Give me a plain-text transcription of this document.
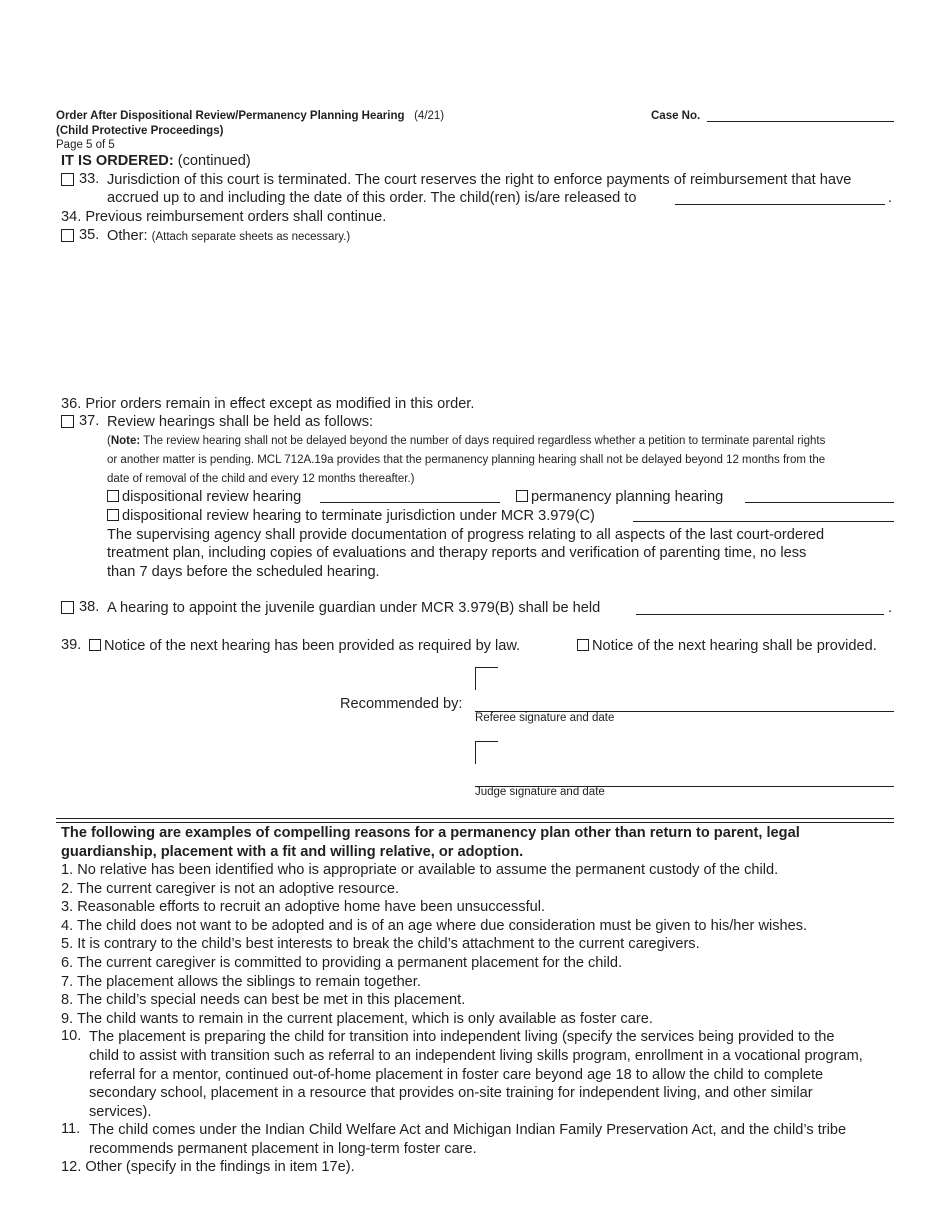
Order After Dispositional Review/Permanency Planning Hearing (4/21)
(Child Protective Proceedings)
Page 5 of 5
Case No.
IT IS ORDERED: (continued)
33. Jurisdiction of this court is terminated. The court reserves the right to enforce payments of reimbursement that have
accrued up to and including the date of this order. The child(ren) is/are released to	.
34. Previous reimbursement orders shall continue.
35. Other: (Attach separate sheets as necessary.)
36. Prior orders remain in effect except as modified in this order.
37. Review hearings shall be held as follows:
(Note: The review hearing shall not be delayed beyond the number of days required regardless whether a petition to terminate parental rights
or another matter is pending. MCL 712A.19a provides that the permanency planning hearing shall not be delayed beyond 12 months from the
date of removal of the child and every 12 months thereafter.)
dispositional review hearing	permanency planning hearing
dispositional review hearing to terminate jurisdiction under MCR 3.979(C)
The supervising agency shall provide documentation of progress relating to all aspects of the last court-ordered
treatment plan, including copies of evaluations and therapy reports and verification of parenting time, no less
than 7 days before the scheduled hearing.
38. A hearing to appoint the juvenile guardian under MCR 3.979(B) shall be held	.
39.	Notice of the next hearing has been provided as required by law.	Notice of the next hearing shall be provided.
Recommended by:
Referee signature and date
Judge signature and date
The following are examples of compelling reasons for a permanency plan other than return to parent, legal
guardianship, placement with a fit and willing relative, or adoption.
1. No relative has been identified who is appropriate or available to assume the permanent custody of the child.
2. The current caregiver is not an adoptive resource.
3. Reasonable efforts to recruit an adoptive home have been unsuccessful.
4. The child does not want to be adopted and is of an age where due consideration must be given to his/her wishes.
5. It is contrary to the child’s best interests to break the child’s attachment to the current caregivers.
6. The current caregiver is committed to providing a permanent placement for the child.
7. The placement allows the siblings to remain together.
8. The child’s special needs can best be met in this placement.
9. The child wants to remain in the current placement, which is only available as foster care.
10. The placement is preparing the child for transition into independent living (specify the services being provided to the
child to assist with transition such as referral to an independent living skills program, enrollment in a vocational program,
referral for a mentor, continued out-of-home placement in foster care beyond age 18 to allow the child to complete
secondary school, placement in a resource that provides on-site training for independent living, and other similar
services).
11. The child comes under the Indian Child Welfare Act and Michigan Indian Family Preservation Act, and the child’s tribe
recommends permanent placement in long-term foster care.
12. Other (specify in the findings in item 17e).
